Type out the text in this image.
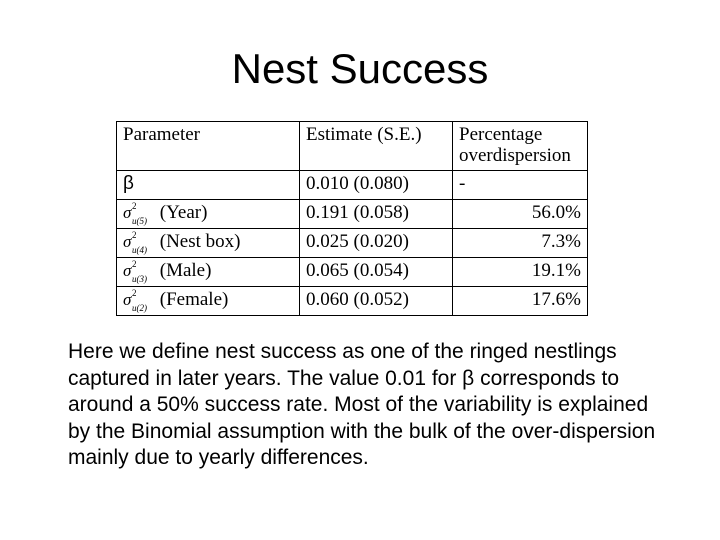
Nest Success
Parameter	Estimate (S.E.)	Percentage
overdispersion
β	0.010 (0.080)	-
σ 2
u(5) (Year)	0.191 (0.058)	56.0%
σ 2
u(4) (Nest box)	0.025 (0.020)	7.3%
σ 2
u(3) (Male)	0.065 (0.054)	19.1%
σ 2
u(2) (Female)	0.060 (0.052)	17.6%

Here we define nest success as one of the ringed nestlings captured in later years. The value 0.01 for β corresponds to around a 50% success rate. Most of the variability is explained by the Binomial assumption with the bulk of the over-dispersion mainly due to yearly differences.
